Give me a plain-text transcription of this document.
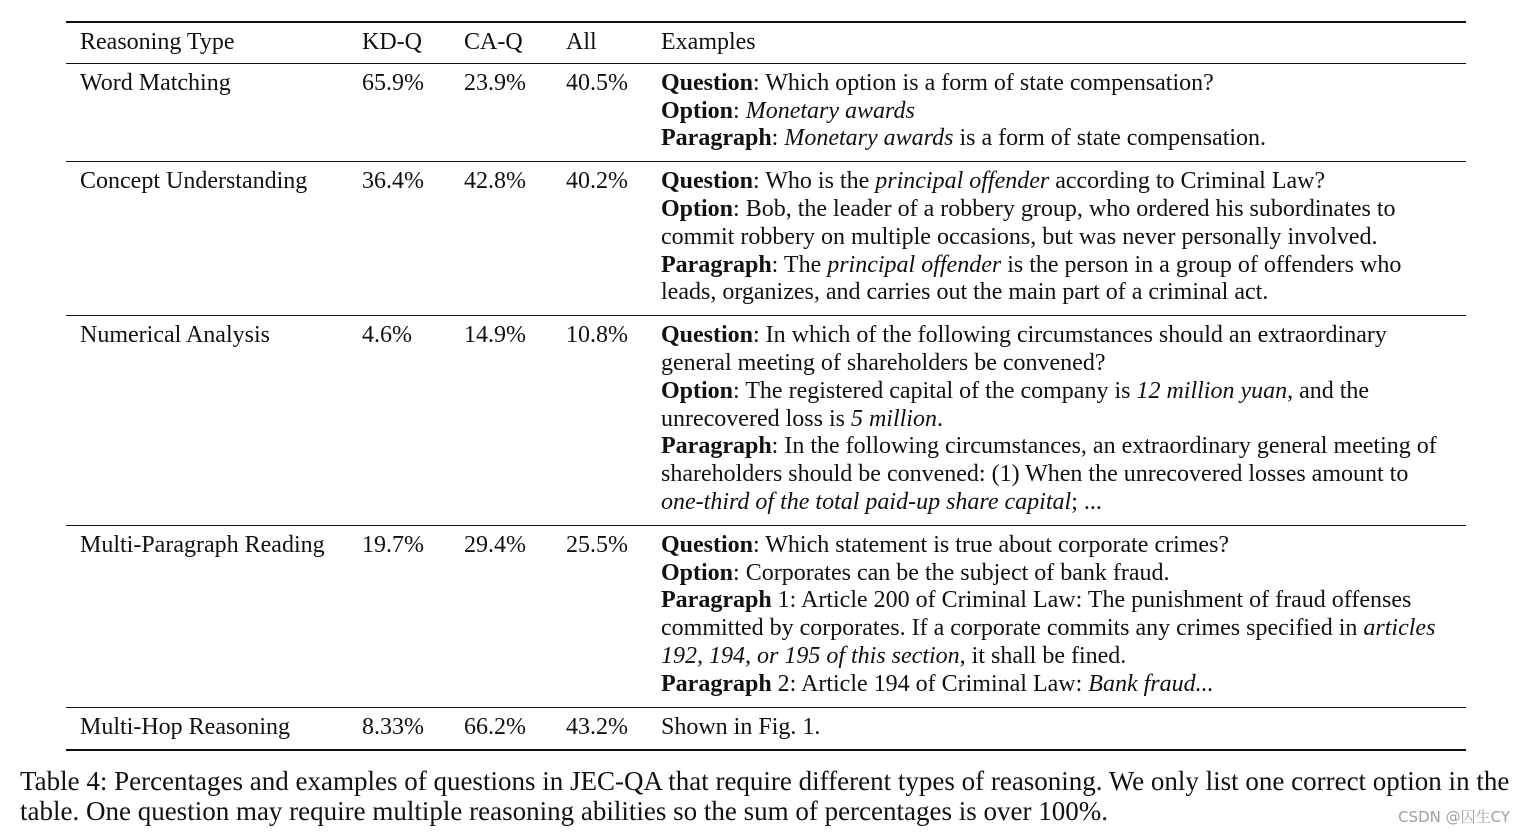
Reasoning Type	KD-Q	CA-Q	All	Examples
Word Matching	65.9%	23.9%	40.5%	Question: Which option is a form of state compensation?
Option: Monetary awards
Paragraph: Monetary awards is a form of state compensation.

Concept Understanding	36.4%	42.8%	40.2%	Question: Who is the principal offender according to Criminal Law?
Option: Bob, the leader of a robbery group, who ordered his subordinates to commit robbery on multiple occasions, but was never personally involved.
Paragraph: The principal offender is the person in a group of offenders who leads, organizes, and carries out the main part of a criminal act.

Numerical Analysis	4.6%	14.9%	10.8%	Question: In which of the following circumstances should an extraordinary general meeting of shareholders be convened?
Option: The registered capital of the company is 12 million yuan, and the unrecovered loss is 5 million.
Paragraph: In the following circumstances, an extraordinary general meeting of shareholders should be convened: (1) When the unrecovered losses amount to one-third of the total paid-up share capital; ...

Multi-Paragraph Reading	19.7%	29.4%	25.5%	Question: Which statement is true about corporate crimes?
Option: Corporates can be the subject of bank fraud.
Paragraph 1: Article 200 of Criminal Law: The punishment of fraud offenses committed by corporates. If a corporate commits any crimes specified in articles 192, 194, or 195 of this section, it shall be fined.
Paragraph 2: Article 194 of Criminal Law: Bank fraud...

Multi-Hop Reasoning	8.33%	66.2%	43.2%	Shown in Fig. 1.
Table 4: Percentages and examples of questions in JEC-QA that require different types of reasoning. We only list one correct option in the table. One question may require multiple reasoning abilities so the sum of percentages is over 100%.	CSDN @囚生CY
